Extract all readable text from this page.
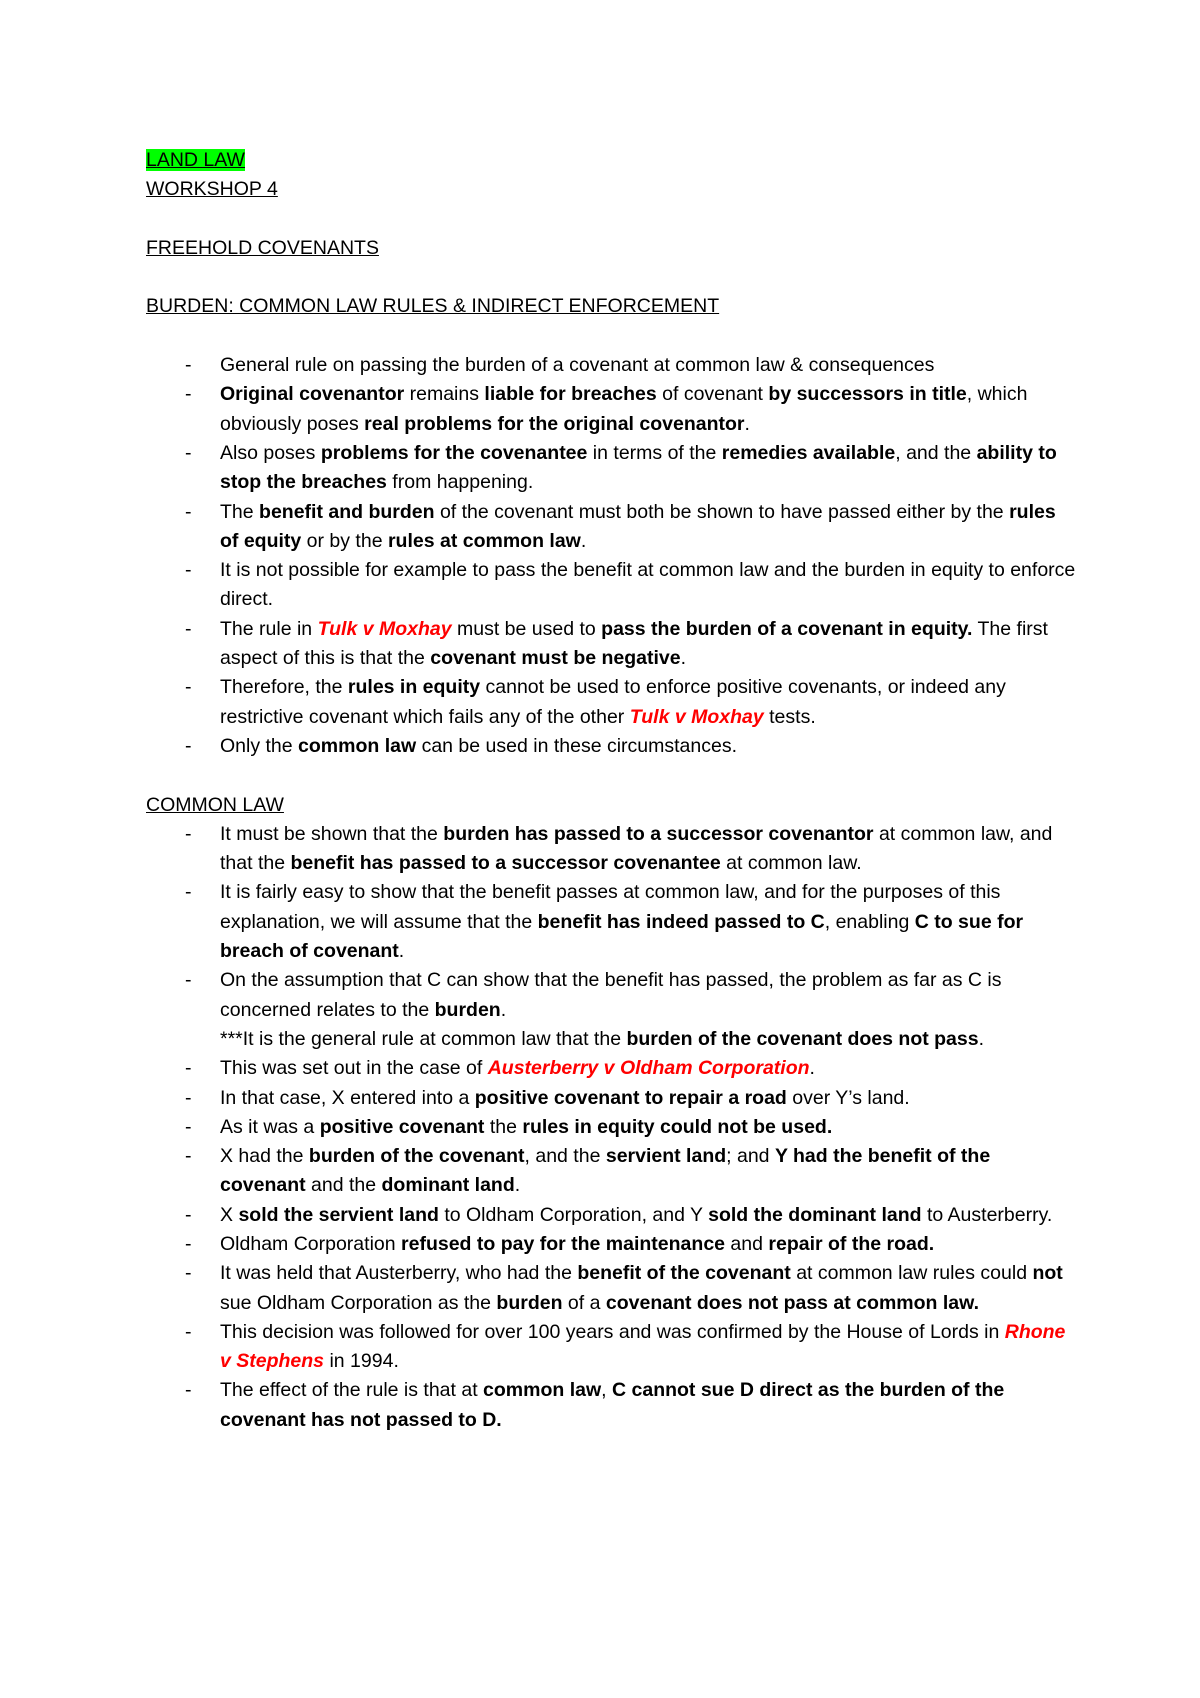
LAND LAW
WORKSHOP 4
FREEHOLD COVENANTS
BURDEN: COMMON LAW RULES & INDIRECT ENFORCEMENT
- General rule on passing the burden of a covenant at common law & consequences
- Original covenantor remains liable for breaches of covenant by successors in title, which obviously poses real problems for the original covenantor.
- Also poses problems for the covenantee in terms of the remedies available, and the ability to stop the breaches from happening.
- The benefit and burden of the covenant must both be shown to have passed either by the rules of equity or by the rules at common law.
- It is not possible for example to pass the benefit at common law and the burden in equity to enforce direct.
- The rule in Tulk v Moxhay must be used to pass the burden of a covenant in equity. The first aspect of this is that the covenant must be negative.
- Therefore, the rules in equity cannot be used to enforce positive covenants, or indeed any restrictive covenant which fails any of the other Tulk v Moxhay tests.
- Only the common law can be used in these circumstances.
COMMON LAW
- It must be shown that the burden has passed to a successor covenantor at common law, and that the benefit has passed to a successor covenantee at common law.
- It is fairly easy to show that the benefit passes at common law, and for the purposes of this explanation, we will assume that the benefit has indeed passed to C, enabling C to sue for breach of covenant.
- On the assumption that C can show that the benefit has passed, the problem as far as C is concerned relates to the burden.
***It is the general rule at common law that the burden of the covenant does not pass.
- This was set out in the case of Austerberry v Oldham Corporation.
- In that case, X entered into a positive covenant to repair a road over Y’s land.
- As it was a positive covenant the rules in equity could not be used.
- X had the burden of the covenant, and the servient land; and Y had the benefit of the covenant and the dominant land.
- X sold the servient land to Oldham Corporation, and Y sold the dominant land to Austerberry.
- Oldham Corporation refused to pay for the maintenance and repair of the road.
- It was held that Austerberry, who had the benefit of the covenant at common law rules could not sue Oldham Corporation as the burden of a covenant does not pass at common law.
- This decision was followed for over 100 years and was confirmed by the House of Lords in Rhone v Stephens in 1994.
- The effect of the rule is that at common law, C cannot sue D direct as the burden of the covenant has not passed to D.
